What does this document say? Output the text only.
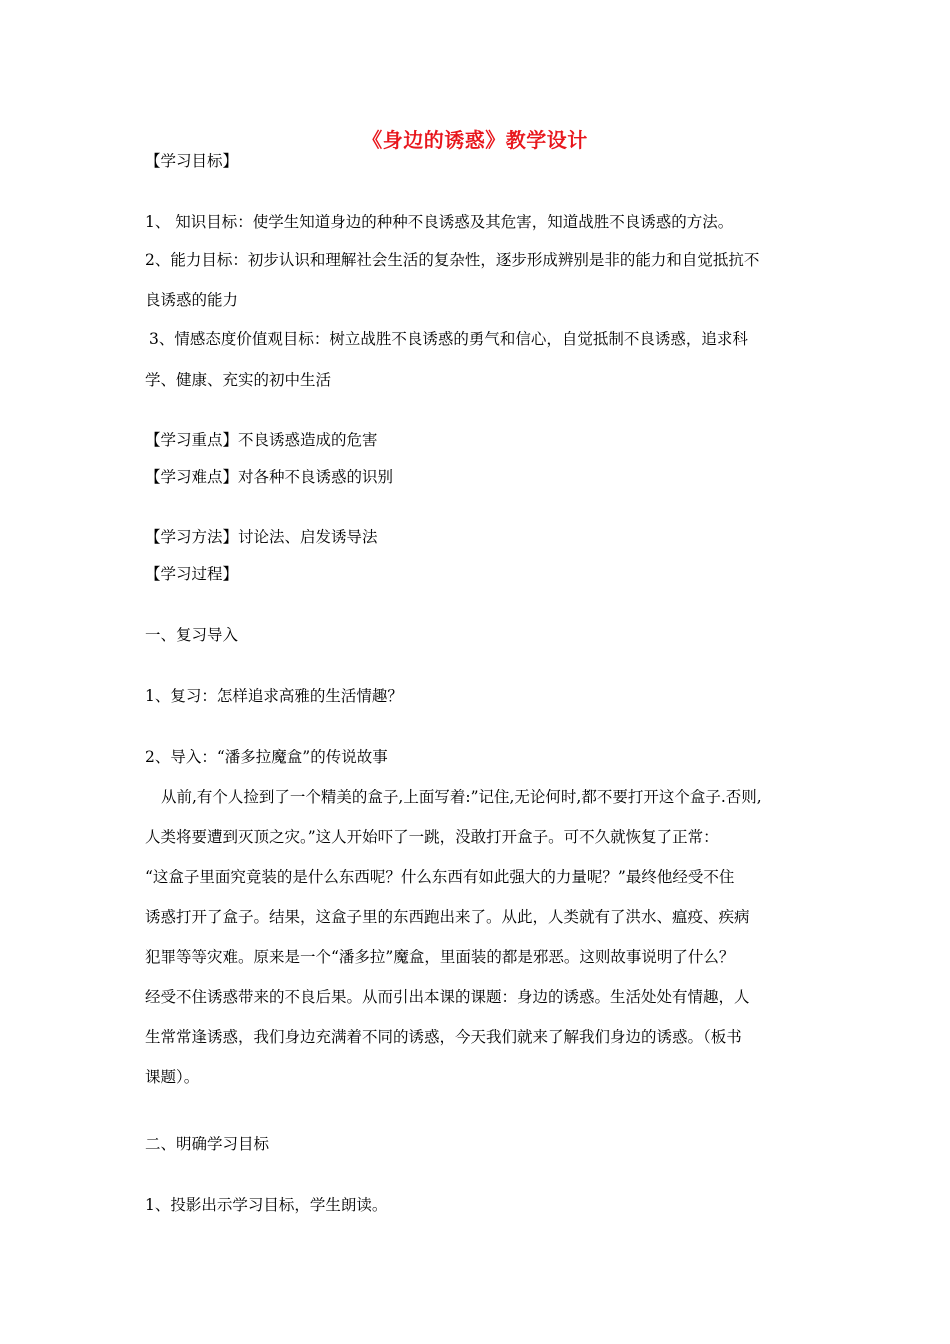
《身边的诱惑》教学设计
【学习目标】
1、 知识目标：使学生知道身边的种种不良诱惑及其危害，知道战胜不良诱惑的方法。
2、能力目标：初步认识和理解社会生活的复杂性，逐步形成辨别是非的能力和自觉抵抗不
良诱惑的能力
3、情感态度价值观目标：树立战胜不良诱惑的勇气和信心，自觉抵制不良诱惑，追求科
学、健康、充实的初中生活
【学习重点】不良诱惑造成的危害
【学习难点】对各种不良诱惑的识别
【学习方法】讨论法、启发诱导法
【学习过程】
一、复习导入
1、复习：怎样追求高雅的生活情趣？
2、导入：“潘多拉魔盒”的传说故事
从前,有个人捡到了一个精美的盒子,上面写着:”记住,无论何时,都不要打开这个盒子.否则,
人类将要遭到灭顶之灾。”这人开始吓了一跳，没敢打开盒子。可不久就恢复了正常：
“这盒子里面究竟装的是什么东西呢？什么东西有如此强大的力量呢？”最终他经受不住
诱惑打开了盒子。结果，这盒子里的东西跑出来了。从此，人类就有了洪水、瘟疫、疾病
犯罪等等灾难。原来是一个“潘多拉”魔盒，里面装的都是邪恶。这则故事说明了什么？
经受不住诱惑带来的不良后果。从而引出本课的课题：身边的诱惑。生活处处有情趣，人
生常常逢诱惑，我们身边充满着不同的诱惑，今天我们就来了解我们身边的诱惑。（板书
课题）。
二、明确学习目标
1、投影出示学习目标，学生朗读。
